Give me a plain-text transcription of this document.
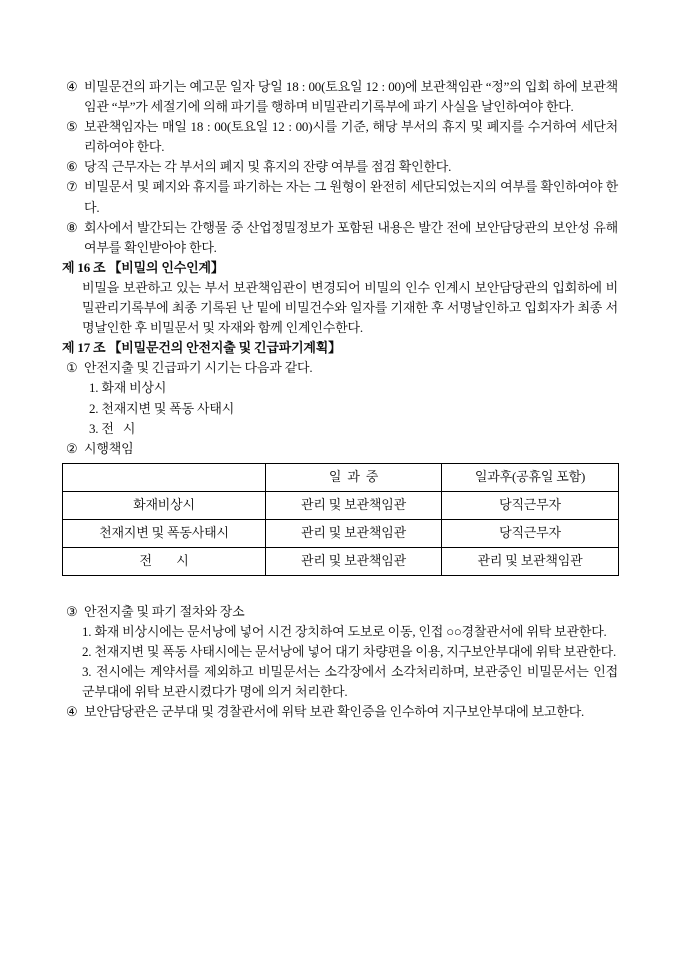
④ 비밀문건의 파기는 예고문 일자 당일 18 : 00(토요일 12 : 00)에 보관책임관 “정”의 입회 하에 보관책임관 “부”가 세절기에 의해 파기를 행하며 비밀관리기록부에 파기 사실을 날인하여야 한다.
⑤ 보관책임자는 매일 18 : 00(토요일 12 : 00)시를 기준, 해당 부서의 휴지 및 폐지를 수거하여 세단처리하여야 한다.
⑥ 당직 근무자는 각 부서의 폐지 및 휴지의 잔량 여부를 점검 확인한다.
⑦ 비밀문서 및 폐지와 휴지를 파기하는 자는 그 원형이 완전히 세단되었는지의 여부를 확인하여야 한다.
⑧ 회사에서 발간되는 간행물 중 산업정밀정보가 포함된 내용은 발간 전에 보안담당관의 보안성 유해 여부를 확인받아야 한다.
제 16 조 【비밀의 인수인계】
비밀을 보관하고 있는 부서 보관책임관이 변경되어 비밀의 인수 인계시 보안담당관의 입회하에 비밀관리기록부에 최종 기록된 난 밑에 비밀건수와 일자를 기재한 후 서명날인하고 입회자가 최종 서명날인한 후 비밀문서 및 자재와 함께 인계인수한다.
제 17 조 【비밀문건의 안전지출 및 긴급파기계획】
① 안전지출 및 긴급파기 시기는 다음과 같다.
1. 화재 비상시
2. 천재지변 및 폭동 사태시
3. 전   시
② 시행책임
	일  과  중	일과후(공휴일 포함)
화재비상시	관리 및 보관책임관	당직근무자
천재지변 및 폭동사태시	관리 및 보관책임관	당직근무자
전        시	관리 및 보관책임관	관리 및 보관책임관
③ 안전지출 및 파기 절차와 장소
1. 화재 비상시에는 문서낭에 넣어 시건 장치하여 도보로 이동, 인접 ○○경찰관서에 위탁 보관한다.
2. 천재지변 및 폭동 사태시에는 문서낭에 넣어 대기 차량편을 이용, 지구보안부대에 위탁 보관한다.
3. 전시에는 계약서를 제외하고 비밀문서는 소각장에서 소각처리하며, 보관중인 비밀문서는 인접 군부대에 위탁 보관시켰다가 명에 의거 처리한다.
④ 보안담당관은 군부대 및 경찰관서에 위탁 보관 확인증을 인수하여 지구보안부대에 보고한다.
